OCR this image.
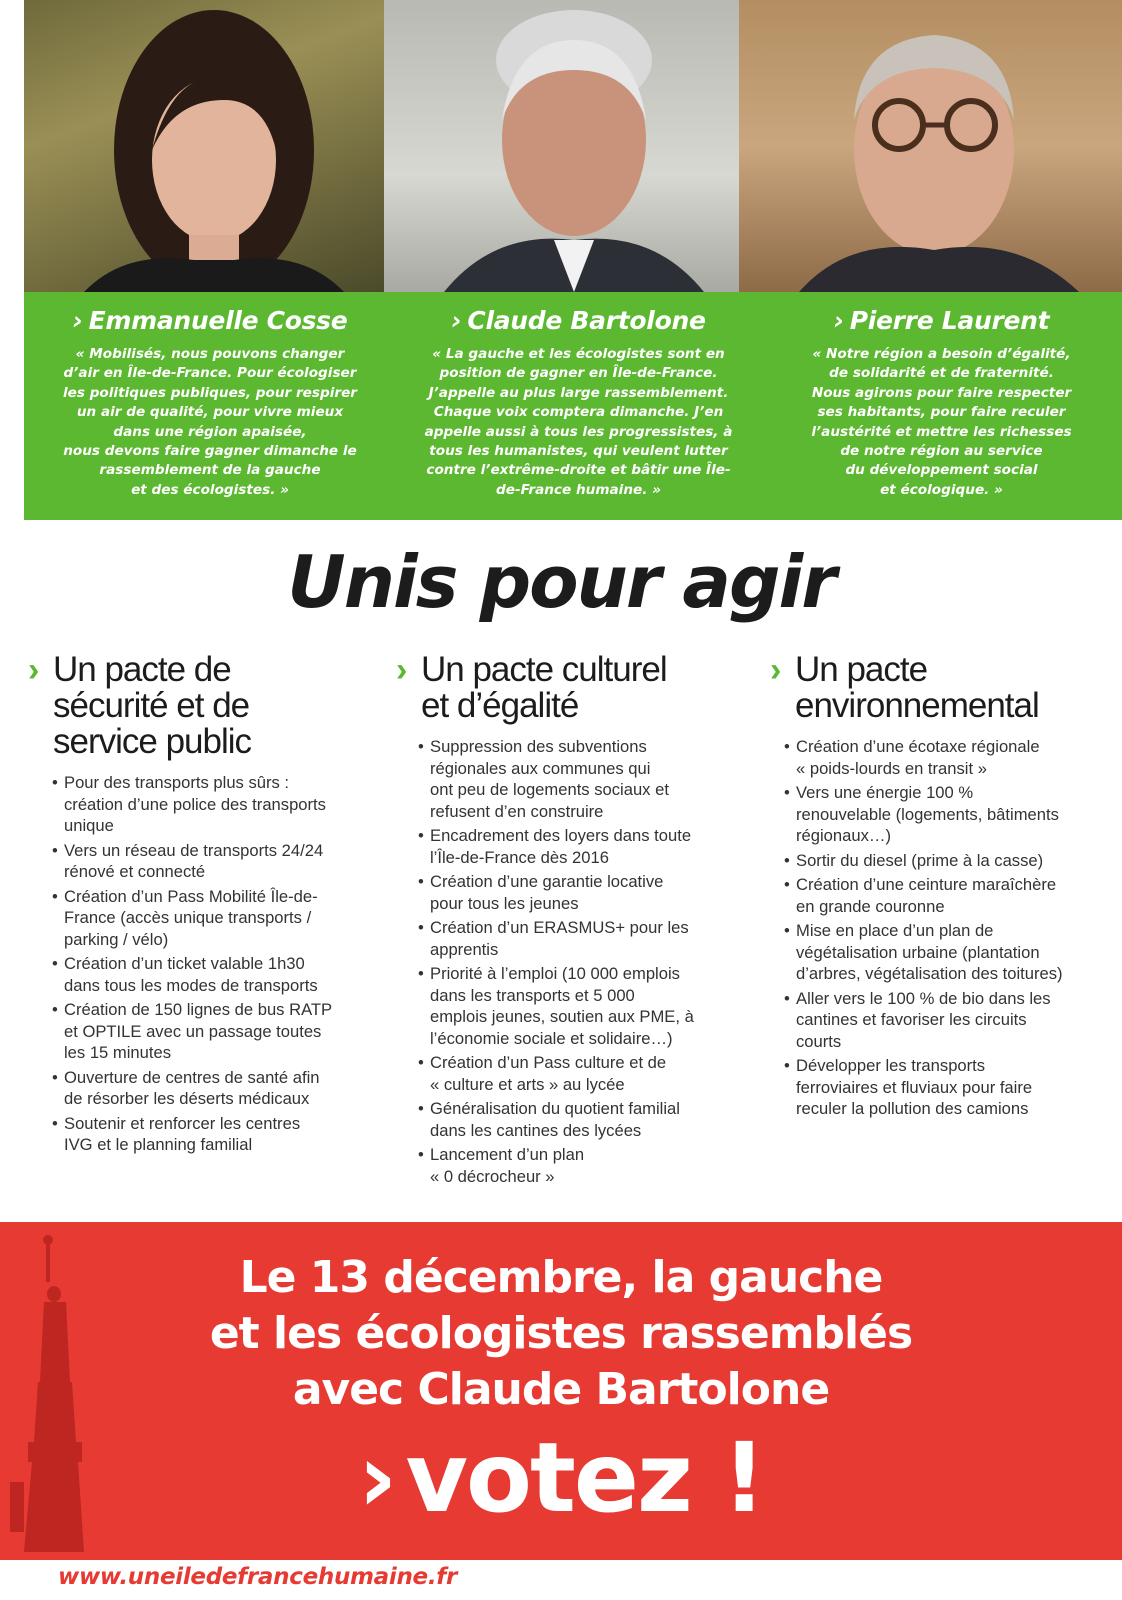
› Emmanuelle Cosse
« Mobilisés, nous pouvons changer
d’air en Île-de-France. Pour écologiser
les politiques publiques, pour respirer
un air de qualité, pour vivre mieux
dans une région apaisée,
nous devons faire gagner dimanche le
rassemblement de la gauche
et des écologistes. »
› Claude Bartolone
« La gauche et les écologistes sont en
position de gagner en Île-de-France.
J’appelle au plus large rassemblement.
Chaque voix comptera dimanche. J’en
appelle aussi à tous les progressistes, à
tous les humanistes, qui veulent lutter
contre l’extrême-droite et bâtir une Île-
de-France humaine. »
› Pierre Laurent
« Notre région a besoin d’égalité,
de solidarité et de fraternité.
Nous agirons pour faire respecter
ses habitants, pour faire reculer
l’austérité et mettre les richesses
de notre région au service
du développement social
et écologique. »
Unis pour agir
› Un pacte de
sécurité et de
service public
• Pour des transports plus sûrs :
création d’une police des transports
unique
• Vers un réseau de transports 24/24
rénové et connecté
• Création d’un Pass Mobilité Île-de-
France (accès unique transports /
parking / vélo)
• Création d’un ticket valable 1h30
dans tous les modes de transports
• Création de 150 lignes de bus RATP
et OPTILE avec un passage toutes
les 15 minutes
• Ouverture de centres de santé afin
de résorber les déserts médicaux
• Soutenir et renforcer les centres
IVG et le planning familial
› Un pacte culturel
et d’égalité
• Suppression des subventions
régionales aux communes qui
ont peu de logements sociaux et
refusent d’en construire
• Encadrement des loyers dans toute
l’Île-de-France dès 2016
• Création d’une garantie locative
pour tous les jeunes
• Création d’un ERASMUS+ pour les
apprentis
• Priorité à l’emploi (10 000 emplois
dans les transports et 5 000
emplois jeunes, soutien aux PME, à
l’économie sociale et solidaire…)
• Création d’un Pass culture et de
« culture et arts » au lycée
• Généralisation du quotient familial
dans les cantines des lycées
• Lancement d’un plan
« 0 décrocheur »
› Un pacte
environnemental
• Création d’une écotaxe régionale
« poids-lourds en transit »
• Vers une énergie 100 %
renouvelable (logements, bâtiments
régionaux…)
• Sortir du diesel (prime à la casse)
• Création d’une ceinture maraîchère
en grande couronne
• Mise en place d’un plan de
végétalisation urbaine (plantation
d’arbres, végétalisation des toitures)
• Aller vers le 100 % de bio dans les
cantines et favoriser les circuits
courts
• Développer les transports
ferroviaires et fluviaux pour faire
reculer la pollution des camions
Le 13 décembre, la gauche
et les écologistes rassemblés
avec Claude Bartolone
› votez !
www.uneiledefrancehumaine.fr
